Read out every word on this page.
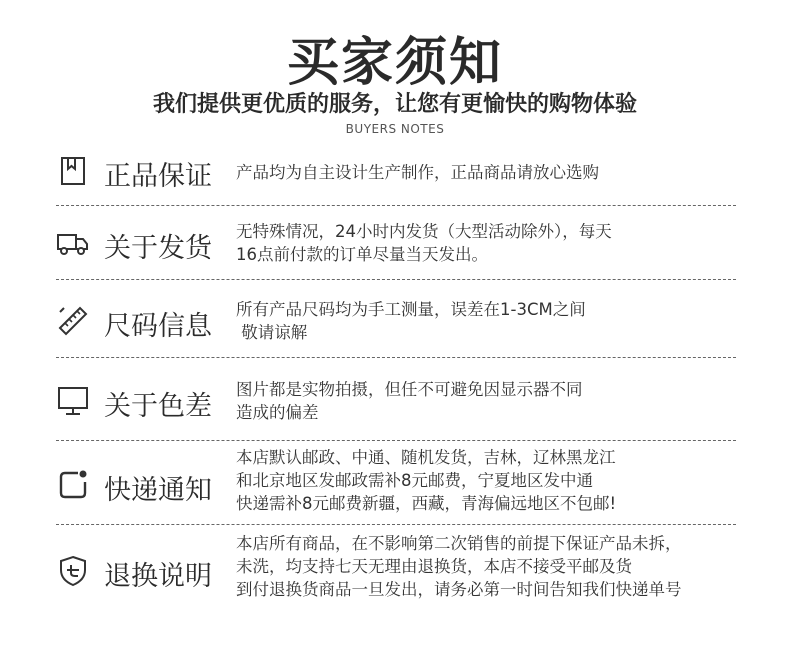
买家须知
我们提供更优质的服务，让您有更愉快的购物体验
BUYERS NOTES
正品保证 产品均为自主设计生产制作，正品商品请放心选购
关于发货
无特殊情况，24小时内发货（大型活动除外），每天
16点前付款的订单尽量当天发出。
尺码信息
所有产品尺码均为手工测量，误差在1-3CM之间
敬请谅解
关于色差
图片都是实物拍摄，但任不可避免因显示器不同
造成的偏差
快递通知
本店默认邮政、中通、随机发货，吉林，辽林黑龙江
和北京地区发邮政需补8元邮费，宁夏地区发中通
快递需补8元邮费新疆，西藏，青海偏远地区不包邮!
退换说明
本店所有商品，在不影响第二次销售的前提下保证产品未拆，
未洗，均支持七天无理由退换货，本店不接受平邮及货
到付退换货商品一旦发出，请务必第一时间告知我们快递单号
